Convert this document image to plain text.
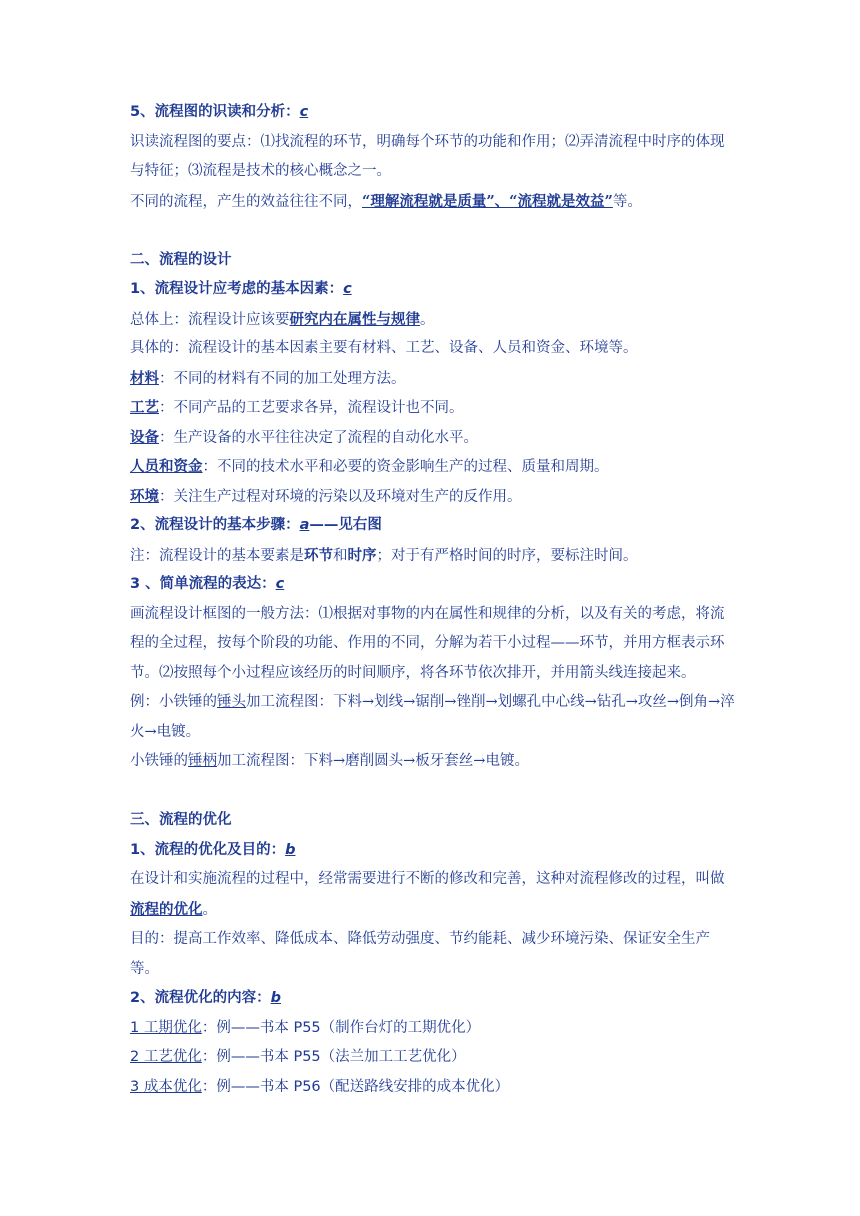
5、流程图的识读和分析：c
识读流程图的要点：⑴找流程的环节，明确每个环节的功能和作用；⑵弄清流程中时序的体现与特征；⑶流程是技术的核心概念之一。
不同的流程，产生的效益往往不同，“理解流程就是质量”、“流程就是效益”等。
二、流程的设计
1、流程设计应考虑的基本因素：c
总体上：流程设计应该要研究内在属性与规律。
具体的：流程设计的基本因素主要有材料、工艺、设备、人员和资金、环境等。
材料：不同的材料有不同的加工处理方法。
工艺：不同产品的工艺要求各异，流程设计也不同。
设备：生产设备的水平往往决定了流程的自动化水平。
人员和资金：不同的技术水平和必要的资金影响生产的过程、质量和周期。
环境：关注生产过程对环境的污染以及环境对生产的反作用。
2、流程设计的基本步骤：a——见右图
注：流程设计的基本要素是环节和时序；对于有严格时间的时序，要标注时间。
3 、简单流程的表达：c
画流程设计框图的一般方法：⑴根据对事物的内在属性和规律的分析，以及有关的考虑，将流程的全过程，按每个阶段的功能、作用的不同，分解为若干小过程——环节，并用方框表示环节。⑵按照每个小过程应该经历的时间顺序，将各环节依次排开，并用箭头线连接起来。
例：小铁锤的锤头加工流程图：下料→划线→锯削→锉削→划螺孔中心线→钻孔→攻丝→倒角→淬火→电镀。
小铁锤的锤柄加工流程图：下料→磨削圆头→板牙套丝→电镀。
三、流程的优化
1、流程的优化及目的：b
在设计和实施流程的过程中，经常需要进行不断的修改和完善，这种对流程修改的过程，叫做流程的优化。
目的：提高工作效率、降低成本、降低劳动强度、节约能耗、减少环境污染、保证安全生产等。
2、流程优化的内容：b
1 工期优化：例——书本 P55（制作台灯的工期优化）
2 工艺优化：例——书本 P55（法兰加工工艺优化）
3 成本优化：例——书本 P56（配送路线安排的成本优化）
